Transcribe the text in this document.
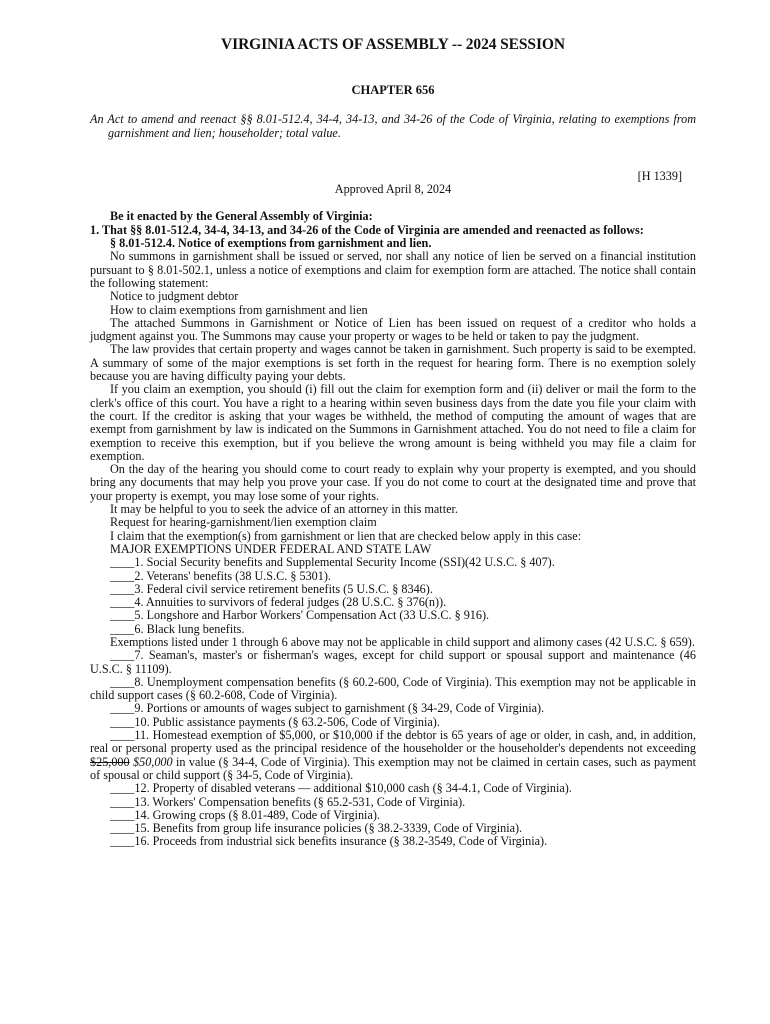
VIRGINIA ACTS OF ASSEMBLY -- 2024 SESSION
CHAPTER 656

An Act to amend and reenact §§ 8.01-512.4, 34-4, 34-13, and 34-26 of the Code of Virginia, relating to exemptions from garnishment and lien; householder; total value.

[H 1339]
Approved April 8, 2024

Be it enacted by the General Assembly of Virginia:

1. That §§ 8.01-512.4, 34-4, 34-13, and 34-26 of the Code of Virginia are amended and reenacted as follows:

§ 8.01-512.4. Notice of exemptions from garnishment and lien.

No summons in garnishment shall be issued or served, nor shall any notice of lien be served on a financial institution pursuant to § 8.01-502.1, unless a notice of exemptions and claim for exemption form are attached. The notice shall contain the following statement:

Notice to judgment debtor

How to claim exemptions from garnishment and lien

The attached Summons in Garnishment or Notice of Lien has been issued on request of a creditor who holds a judgment against you. The Summons may cause your property or wages to be held or taken to pay the judgment.

The law provides that certain property and wages cannot be taken in garnishment. Such property is said to be exempted. A summary of some of the major exemptions is set forth in the request for hearing form. There is no exemption solely because you are having difficulty paying your debts.

If you claim an exemption, you should (i) fill out the claim for exemption form and (ii) deliver or mail the form to the clerk's office of this court. You have a right to a hearing within seven business days from the date you file your claim with the court. If the creditor is asking that your wages be withheld, the method of computing the amount of wages that are exempt from garnishment by law is indicated on the Summons in Garnishment attached. You do not need to file a claim for exemption to receive this exemption, but if you believe the wrong amount is being withheld you may file a claim for exemption.

On the day of the hearing you should come to court ready to explain why your property is exempted, and you should bring any documents that may help you prove your case. If you do not come to court at the designated time and prove that your property is exempt, you may lose some of your rights.

It may be helpful to you to seek the advice of an attorney in this matter.

Request for hearing-garnishment/lien exemption claim

I claim that the exemption(s) from garnishment or lien that are checked below apply in this case:

MAJOR EXEMPTIONS UNDER FEDERAL AND STATE LAW

____1. Social Security benefits and Supplemental Security Income (SSI)(42 U.S.C. § 407).

____2. Veterans' benefits (38 U.S.C. § 5301).

____3. Federal civil service retirement benefits (5 U.S.C. § 8346).

____4. Annuities to survivors of federal judges (28 U.S.C. § 376(n)).

____5. Longshore and Harbor Workers' Compensation Act (33 U.S.C. § 916).

____6. Black lung benefits.

Exemptions listed under 1 through 6 above may not be applicable in child support and alimony cases (42 U.S.C. § 659).

____7. Seaman's, master's or fisherman's wages, except for child support or spousal support and maintenance (46 U.S.C. § 11109).

____8. Unemployment compensation benefits (§ 60.2-600, Code of Virginia). This exemption may not be applicable in child support cases (§ 60.2-608, Code of Virginia).

____9. Portions or amounts of wages subject to garnishment (§ 34-29, Code of Virginia).

____10. Public assistance payments (§ 63.2-506, Code of Virginia).

____11. Homestead exemption of $5,000, or $10,000 if the debtor is 65 years of age or older, in cash, and, in addition, real or personal property used as the principal residence of the householder or the householder's dependents not exceeding $25,000 $50,000 in value (§ 34-4, Code of Virginia). This exemption may not be claimed in certain cases, such as payment of spousal or child support (§ 34-5, Code of Virginia).

____12. Property of disabled veterans — additional $10,000 cash (§ 34-4.1, Code of Virginia).

____13. Workers' Compensation benefits (§ 65.2-531, Code of Virginia).

____14. Growing crops (§ 8.01-489, Code of Virginia).

____15. Benefits from group life insurance policies (§ 38.2-3339, Code of Virginia).

____16. Proceeds from industrial sick benefits insurance (§ 38.2-3549, Code of Virginia).
